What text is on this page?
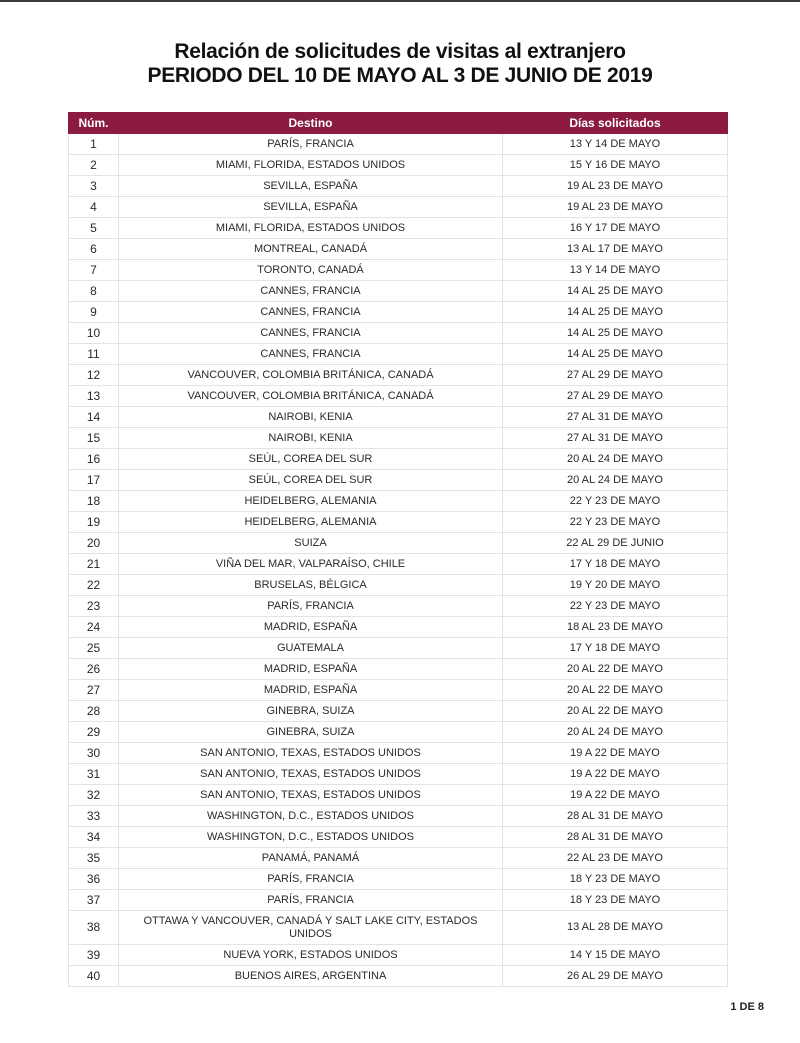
Relación de solicitudes de visitas al extranjero
PERIODO DEL 10 DE MAYO AL 3 DE JUNIO DE 2019
Núm.	Destino	Días solicitados
1	PARÍS, FRANCIA	13 Y 14 DE MAYO
2	MIAMI, FLORIDA, ESTADOS UNIDOS	15 Y 16 DE MAYO
3	SEVILLA, ESPAÑA	19 AL 23 DE MAYO
4	SEVILLA, ESPAÑA	19 AL 23 DE MAYO
5	MIAMI, FLORIDA, ESTADOS UNIDOS	16 Y 17 DE MAYO
6	MONTREAL, CANADÁ	13 AL 17 DE MAYO
7	TORONTO, CANADÁ	13 Y 14 DE MAYO
8	CANNES, FRANCIA	14 AL 25 DE MAYO
9	CANNES, FRANCIA	14 AL 25 DE MAYO
10	CANNES, FRANCIA	14 AL 25 DE MAYO
11	CANNES, FRANCIA	14 AL 25 DE MAYO
12	VANCOUVER, COLOMBIA BRITÁNICA, CANADÁ	27 AL 29 DE MAYO
13	VANCOUVER, COLOMBIA BRITÁNICA, CANADÁ	27 AL 29 DE MAYO
14	NAIROBI, KENIA	27 AL 31 DE MAYO
15	NAIROBI, KENIA	27 AL 31 DE MAYO
16	SEÚL, COREA DEL SUR	20 AL 24 DE MAYO
17	SEÚL, COREA DEL SUR	20 AL 24 DE MAYO
18	HEIDELBERG, ALEMANIA	22 Y 23 DE MAYO
19	HEIDELBERG, ALEMANIA	22 Y 23 DE MAYO
20	SUIZA	22 AL 29 DE JUNIO
21	VIÑA DEL MAR, VALPARAÍSO, CHILE	17 Y 18 DE MAYO
22	BRUSELAS, BÉLGICA	19 Y 20 DE MAYO
23	PARÍS, FRANCIA	22 Y 23 DE MAYO
24	MADRID, ESPAÑA	18 AL 23 DE MAYO
25	GUATEMALA	17 Y 18 DE MAYO
26	MADRID, ESPAÑA	20 AL 22 DE MAYO
27	MADRID, ESPAÑA	20 AL 22 DE MAYO
28	GINEBRA, SUIZA	20 AL 22 DE MAYO
29	GINEBRA, SUIZA	20 AL 24 DE MAYO
30	SAN ANTONIO, TEXAS, ESTADOS UNIDOS	19 A 22 DE MAYO
31	SAN ANTONIO, TEXAS, ESTADOS UNIDOS	19 A 22 DE MAYO
32	SAN ANTONIO, TEXAS, ESTADOS UNIDOS	19 A 22 DE MAYO
33	WASHINGTON, D.C., ESTADOS UNIDOS	28 AL 31 DE MAYO
34	WASHINGTON, D.C., ESTADOS UNIDOS	28 AL 31 DE MAYO
35	PANAMÁ, PANAMÁ	22 AL 23 DE MAYO
36	PARÍS, FRANCIA	18 Y 23 DE MAYO
37	PARÍS, FRANCIA	18 Y 23 DE MAYO
38	OTTAWA Y VANCOUVER, CANADÁ Y SALT LAKE CITY, ESTADOS UNIDOS	13 AL 28 DE MAYO
39	NUEVA YORK, ESTADOS UNIDOS	14 Y 15 DE MAYO
40	BUENOS AIRES, ARGENTINA	26 AL 29 DE MAYO
1 DE 8
